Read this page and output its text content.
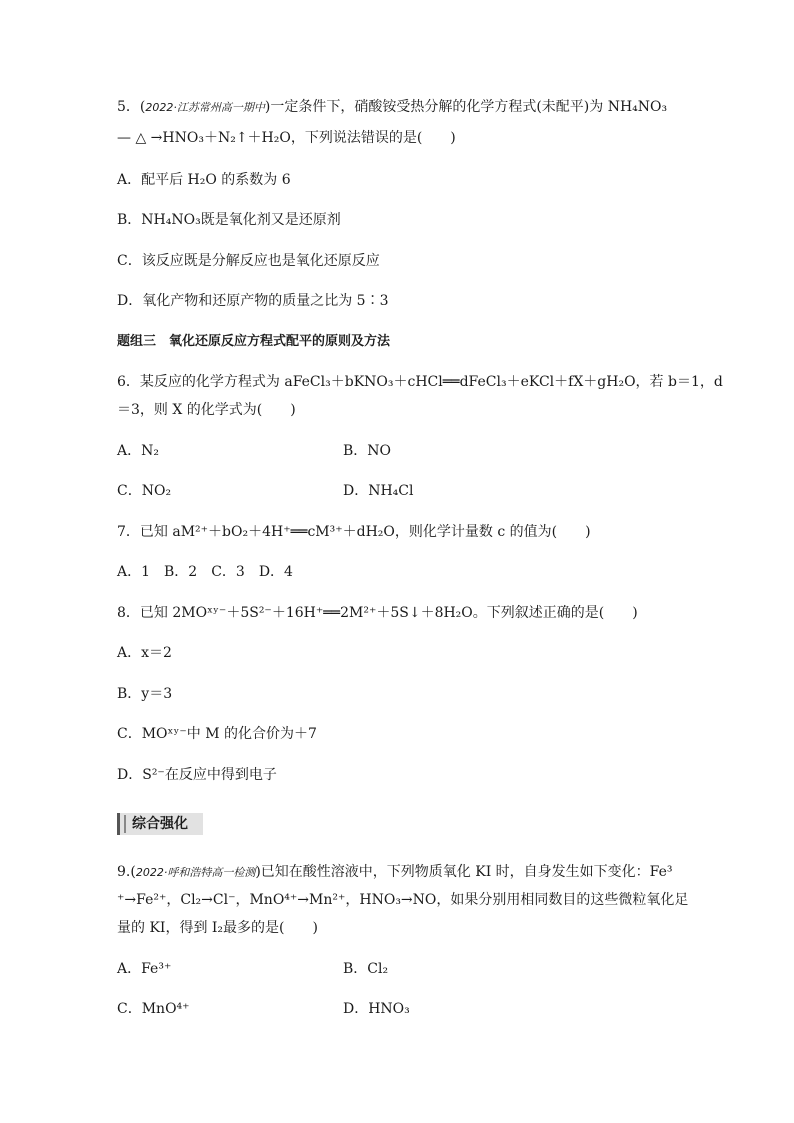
5．(2022·江苏常州高一期中)一定条件下，硝酸铵受热分解的化学方程式(未配平)为 NH₄NO₃
— △ →HNO₃＋N₂↑＋H₂O，下列说法错误的是(　　)
A．配平后 H₂O 的系数为 6
B．NH₄NO₃既是氧化剂又是还原剂
C．该反应既是分解反应也是氧化还原反应
D．氧化产物和还原产物的质量之比为 5∶3
题组三　氧化还原反应方程式配平的原则及方法
6．某反应的化学方程式为 aFeCl₃＋bKNO₃＋cHCl══dFeCl₃＋eKCl＋fX＋gH₂O，若 b＝1，d
＝3，则 X 的化学式为(　　)
A．N₂	B．NO
C．NO₂	D．NH₄Cl
7．已知 aM²⁺＋bO₂＋4H⁺══cM³⁺＋dH₂O，则化学计量数 c 的值为(　　)
A．1　B．2　C．3　D．4
8．已知 2MOˣʸ⁻＋5S²⁻＋16H⁺══2M²⁺＋5S↓＋8H₂O。下列叙述正确的是(　　)
A．x＝2
B．y＝3
C．MOˣʸ⁻中 M 的化合价为＋7
D．S²⁻在反应中得到电子
综合强化
9.(2022·呼和浩特高一检测)已知在酸性溶液中，下列物质氧化 KI 时，自身发生如下变化：Fe³
⁺→Fe²⁺，Cl₂→Cl⁻，MnO⁴⁺→Mn²⁺，HNO₃→NO，如果分别用相同数目的这些微粒氧化足
量的 KI，得到 I₂最多的是(　　)
A．Fe³⁺	B．Cl₂
C．MnO⁴⁺	D．HNO₃
